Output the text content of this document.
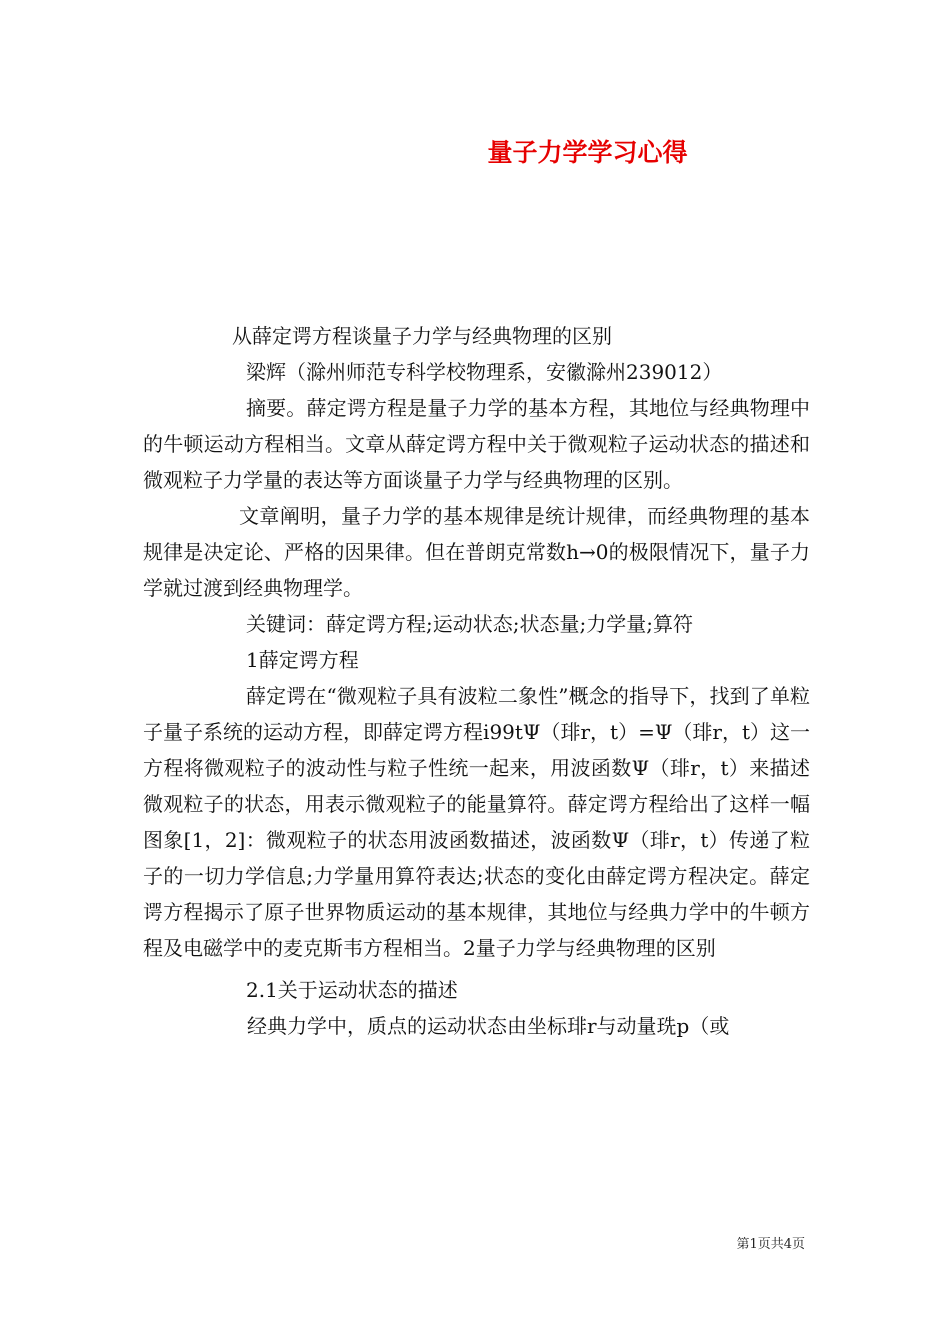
量子力学学习心得

从薛定谔方程谈量子力学与经典物理的区别

梁辉（滁州师范专科学校物理系，安徽滁州239012）

摘要。薛定谔方程是量子力学的基本方程，其地位与经典物理中的牛顿运动方程相当。文章从薛定谔方程中关于微观粒子运动状态的描述和微观粒子力学量的表达等方面谈量子力学与经典物理的区别。

文章阐明，量子力学的基本规律是统计规律，而经典物理的基本规律是决定论、严格的因果律。但在普朗克常数h→0的极限情况下，量子力学就过渡到经典物理学。

关键词：薛定谔方程;运动状态;状态量;力学量;算符

1薛定谔方程

薛定谔在“微观粒子具有波粒二象性”概念的指导下，找到了单粒子量子系统的运动方程，即薛定谔方程i99tΨ（琲r，t）=Ψ（琲r，t）这一方程将微观粒子的波动性与粒子性统一起来，用波函数Ψ（琲r，t）来描述微观粒子的状态，用表示微观粒子的能量算符。薛定谔方程给出了这样一幅图象[1，2]：微观粒子的状态用波函数描述，波函数Ψ（琲r，t）传递了粒子的一切力学信息;力学量用算符表达;状态的变化由薛定谔方程决定。薛定谔方程揭示了原子世界物质运动的基本规律，其地位与经典力学中的牛顿方程及电磁学中的麦克斯韦方程相当。2量子力学与经典物理的区别

2.1关于运动状态的描述

经典力学中，质点的运动状态由坐标琲r与动量珗p（或

第1页共4页
